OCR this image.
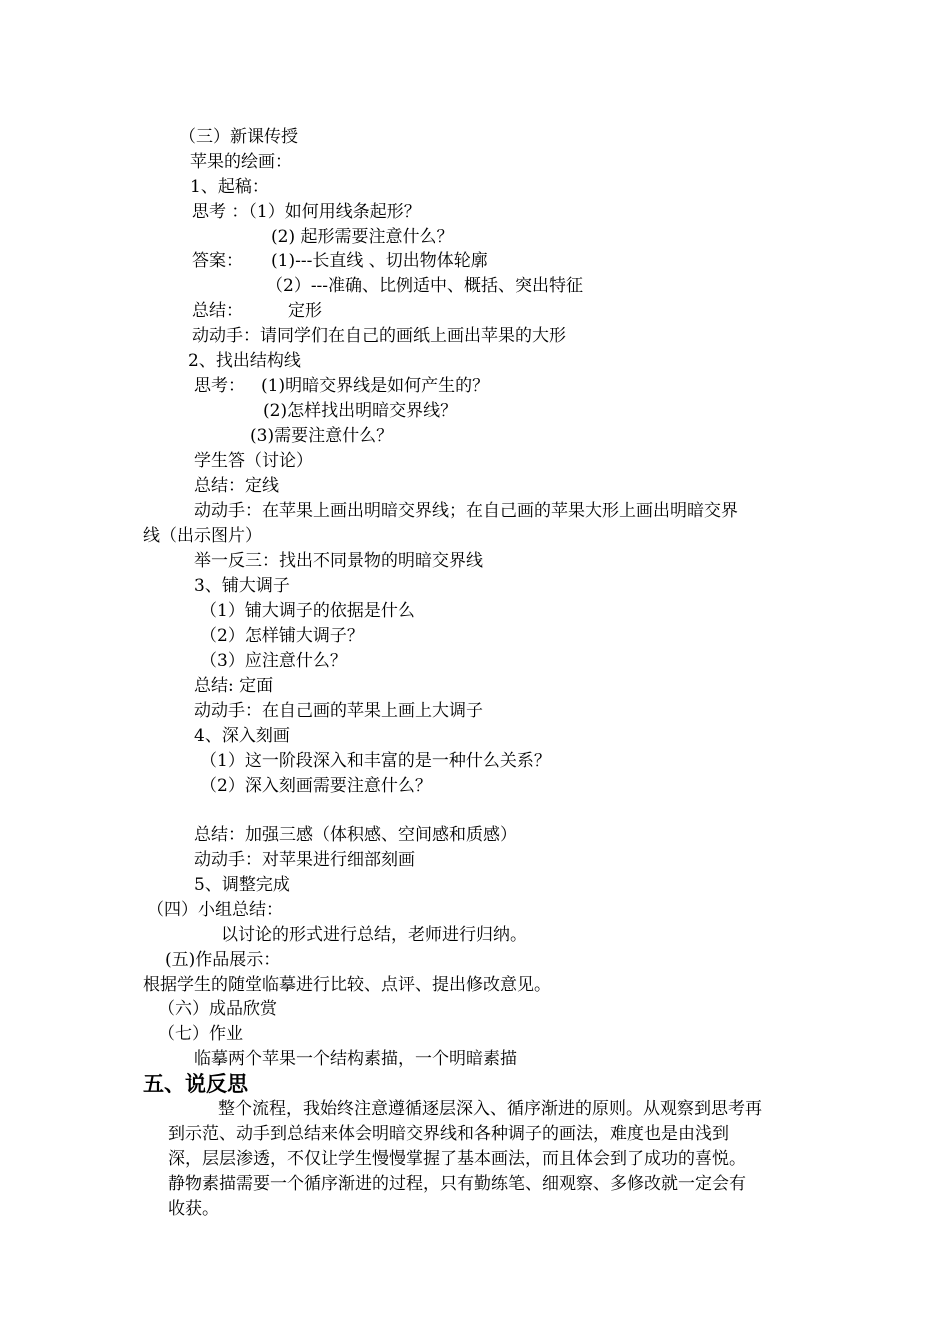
（三）新课传授
苹果的绘画：
1、起稿：
思考 ：（1）如何用线条起形？
(2) 起形需要注意什么？
答案： (1)---长直线 、切出物体轮廓
（2）---准确、比例适中、概括、突出特征
总结：	定形
动动手：请同学们在自己的画纸上画出苹果的大形
2、找出结构线
思考： (1)明暗交界线是如何产生的？
(2)怎样找出明暗交界线？
(3)需要注意什么？
学生答（讨论）
总结：定线
动动手：在苹果上画出明暗交界线；在自己画的苹果大形上画出明暗交界
线（出示图片）
举一反三：找出不同景物的明暗交界线
3、铺大调子
（1）铺大调子的依据是什么
（2）怎样铺大调子？
（3）应注意什么？
总结: 定面
动动手：在自己画的苹果上画上大调子
4、深入刻画
（1）这一阶段深入和丰富的是一种什么关系？
（2）深入刻画需要注意什么？
总结：加强三感（体积感、空间感和质感）
动动手：对苹果进行细部刻画
5、调整完成
（四）小组总结：
以讨论的形式进行总结，老师进行归纳。
(五)作品展示：
根据学生的随堂临摹进行比较、点评、提出修改意见。
（六）成品欣赏
（七）作业
临摹两个苹果一个结构素描，一个明暗素描
五、说反思
整个流程，我始终注意遵循逐层深入、循序渐进的原则。从观察到思考再
到示范、动手到总结来体会明暗交界线和各种调子的画法，难度也是由浅到
深，层层渗透，不仅让学生慢慢掌握了基本画法，而且体会到了成功的喜悦。
静物素描需要一个循序渐进的过程，只有勤练笔、细观察、多修改就一定会有
收获。
